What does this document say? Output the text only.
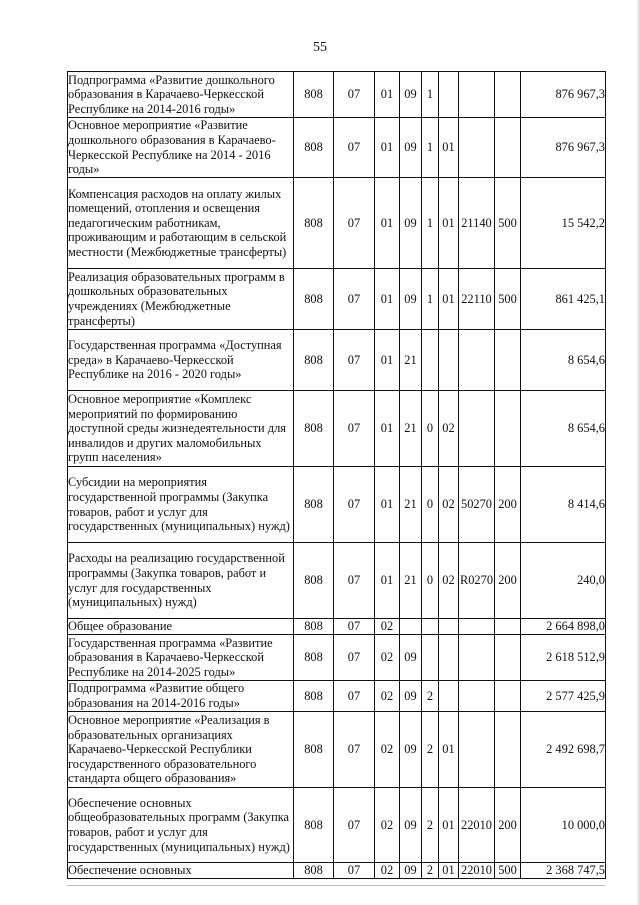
55
Подпрограмма «Развитие дошкольного образования в Карачаево-Черкесской Республике на 2014-2016 годы»	808	07	01	09	1				876 967,3
Основное мероприятие «Развитие дошкольного образования в Карачаево-Черкесской Республике на 2014 - 2016 годы»	808	07	01	09	1	01			876 967,3
Компенсация расходов на оплату жилых помещений, отопления и освещения педагогическим работникам, проживающим и работающим в сельской местности (Межбюджетные трансферты)	808	07	01	09	1	01	21140	500	15 542,2
Реализация образовательных программ в дошкольных образовательных учреждениях (Межбюджетные трансферты)	808	07	01	09	1	01	22110	500	861 425,1
Государственная программа «Доступная среда» в Карачаево-Черкесской Республике на 2016 - 2020 годы»	808	07	01	21					8 654,6
Основное мероприятие «Комплекс мероприятий по формированию доступной среды жизнедеятельности для инвалидов и других маломобильных групп населения»	808	07	01	21	0	02			8 654,6
Субсидии на мероприятия государственной программы (Закупка товаров, работ и услуг для государственных (муниципальных) нужд)	808	07	01	21	0	02	50270	200	8 414,6
Расходы на реализацию государственной программы (Закупка товаров, работ и услуг для государственных (муниципальных) нужд)	808	07	01	21	0	02	R0270	200	240,0
Общее образование	808	07	02						2 664 898,0
Государственная программа «Развитие образования в Карачаево-Черкесской Республике на 2014-2025 годы»	808	07	02	09					2 618 512,9
Подпрограмма «Развитие общего образования на 2014-2016 годы»	808	07	02	09	2				2 577 425,9
Основное мероприятие «Реализация в образовательных организациях Карачаево-Черкесской Республики государственного образовательного стандарта общего образования»	808	07	02	09	2	01			2 492 698,7
Обеспечение основных общеобразовательных программ (Закупка товаров, работ и услуг для государственных (муниципальных) нужд)	808	07	02	09	2	01	22010	200	10 000,0
Обеспечение основных	808	07	02	09	2	01	22010	500	2 368 747,5
